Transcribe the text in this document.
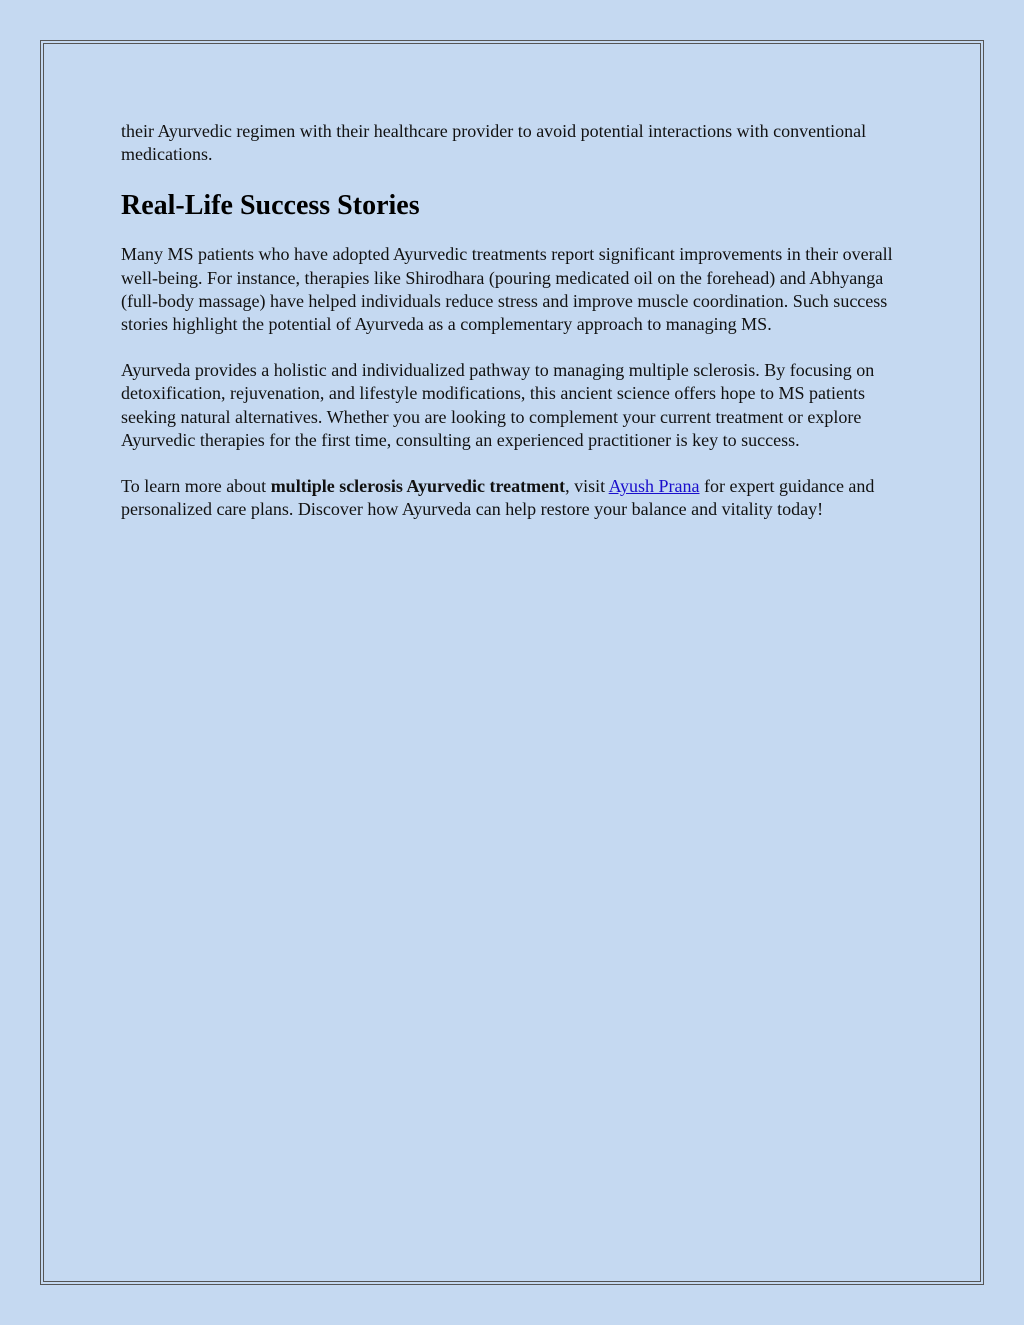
their Ayurvedic regimen with their healthcare provider to avoid potential interactions with conventional medications.

Real-Life Success Stories

Many MS patients who have adopted Ayurvedic treatments report significant improvements in their overall well-being. For instance, therapies like Shirodhara (pouring medicated oil on the forehead) and Abhyanga (full-body massage) have helped individuals reduce stress and improve muscle coordination. Such success stories highlight the potential of Ayurveda as a complementary approach to managing MS.

Ayurveda provides a holistic and individualized pathway to managing multiple sclerosis. By focusing on detoxification, rejuvenation, and lifestyle modifications, this ancient science offers hope to MS patients seeking natural alternatives. Whether you are looking to complement your current treatment or explore Ayurvedic therapies for the first time, consulting an experienced practitioner is key to success.

To learn more about multiple sclerosis Ayurvedic treatment, visit Ayush Prana for expert guidance and personalized care plans. Discover how Ayurveda can help restore your balance and vitality today!
